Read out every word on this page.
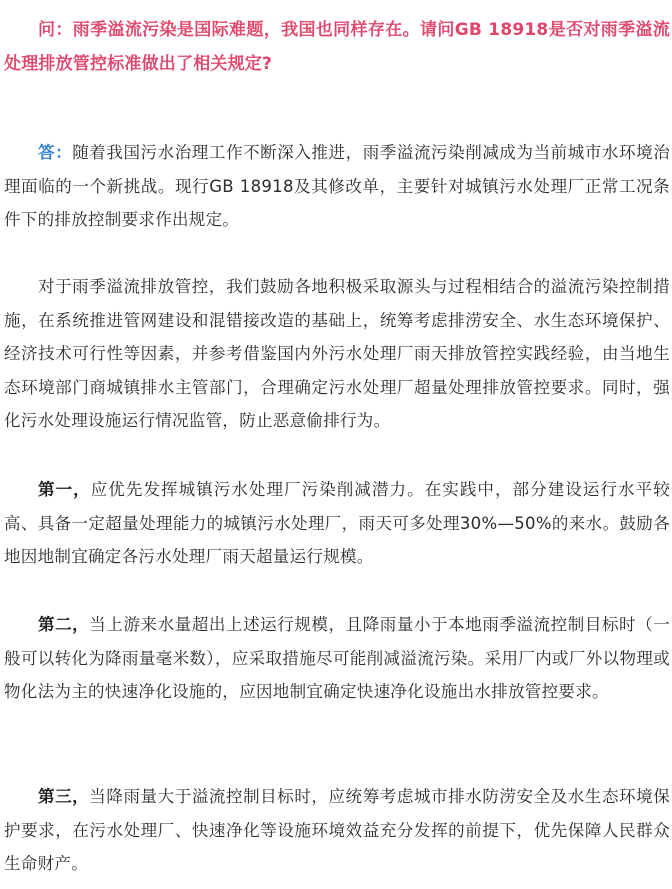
问：雨季溢流污染是国际难题，我国也同样存在。请问GB 18918是否对雨季溢流处理排放管控标准做出了相关规定?

答：随着我国污水治理工作不断深入推进，雨季溢流污染削减成为当前城市水环境治理面临的一个新挑战。现行GB 18918及其修改单，主要针对城镇污水处理厂正常工况条件下的排放控制要求作出规定。

对于雨季溢流排放管控，我们鼓励各地积极采取源头与过程相结合的溢流污染控制措施，在系统推进管网建设和混错接改造的基础上，统筹考虑排涝安全、水生态环境保护、经济技术可行性等因素，并参考借鉴国内外污水处理厂雨天排放管控实践经验，由当地生态环境部门商城镇排水主管部门，合理确定污水处理厂超量处理排放管控要求。同时，强化污水处理设施运行情况监管，防止恶意偷排行为。

第一，应优先发挥城镇污水处理厂污染削减潜力。在实践中，部分建设运行水平较高、具备一定超量处理能力的城镇污水处理厂，雨天可多处理30%—50%的来水。鼓励各地因地制宜确定各污水处理厂雨天超量运行规模。

第二，当上游来水量超出上述运行规模，且降雨量小于本地雨季溢流控制目标时（一般可以转化为降雨量毫米数），应采取措施尽可能削减溢流污染。采用厂内或厂外以物理或物化法为主的快速净化设施的，应因地制宜确定快速净化设施出水排放管控要求。

第三，当降雨量大于溢流控制目标时，应统筹考虑城市排水防涝安全及水生态环境保护要求，在污水处理厂、快速净化等设施环境效益充分发挥的前提下，优先保障人民群众生命财产。
